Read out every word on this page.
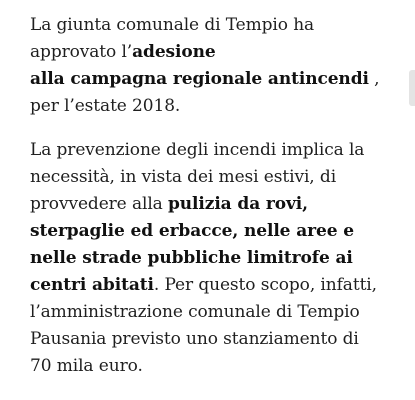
La giunta comunale di Tempio ha
approvato l’adesione
alla campagna regionale antincendi ,
per l’estate 2018.

La prevenzione degli incendi implica la
necessità, in vista dei mesi estivi, di
provvedere alla pulizia da rovi,
sterpaglie ed erbacce, nelle aree e
nelle strade pubbliche limitrofe ai
centri abitati. Per questo scopo, infatti,
l’amministrazione comunale di Tempio
Pausania previsto uno stanziamento di
70 mila euro.
